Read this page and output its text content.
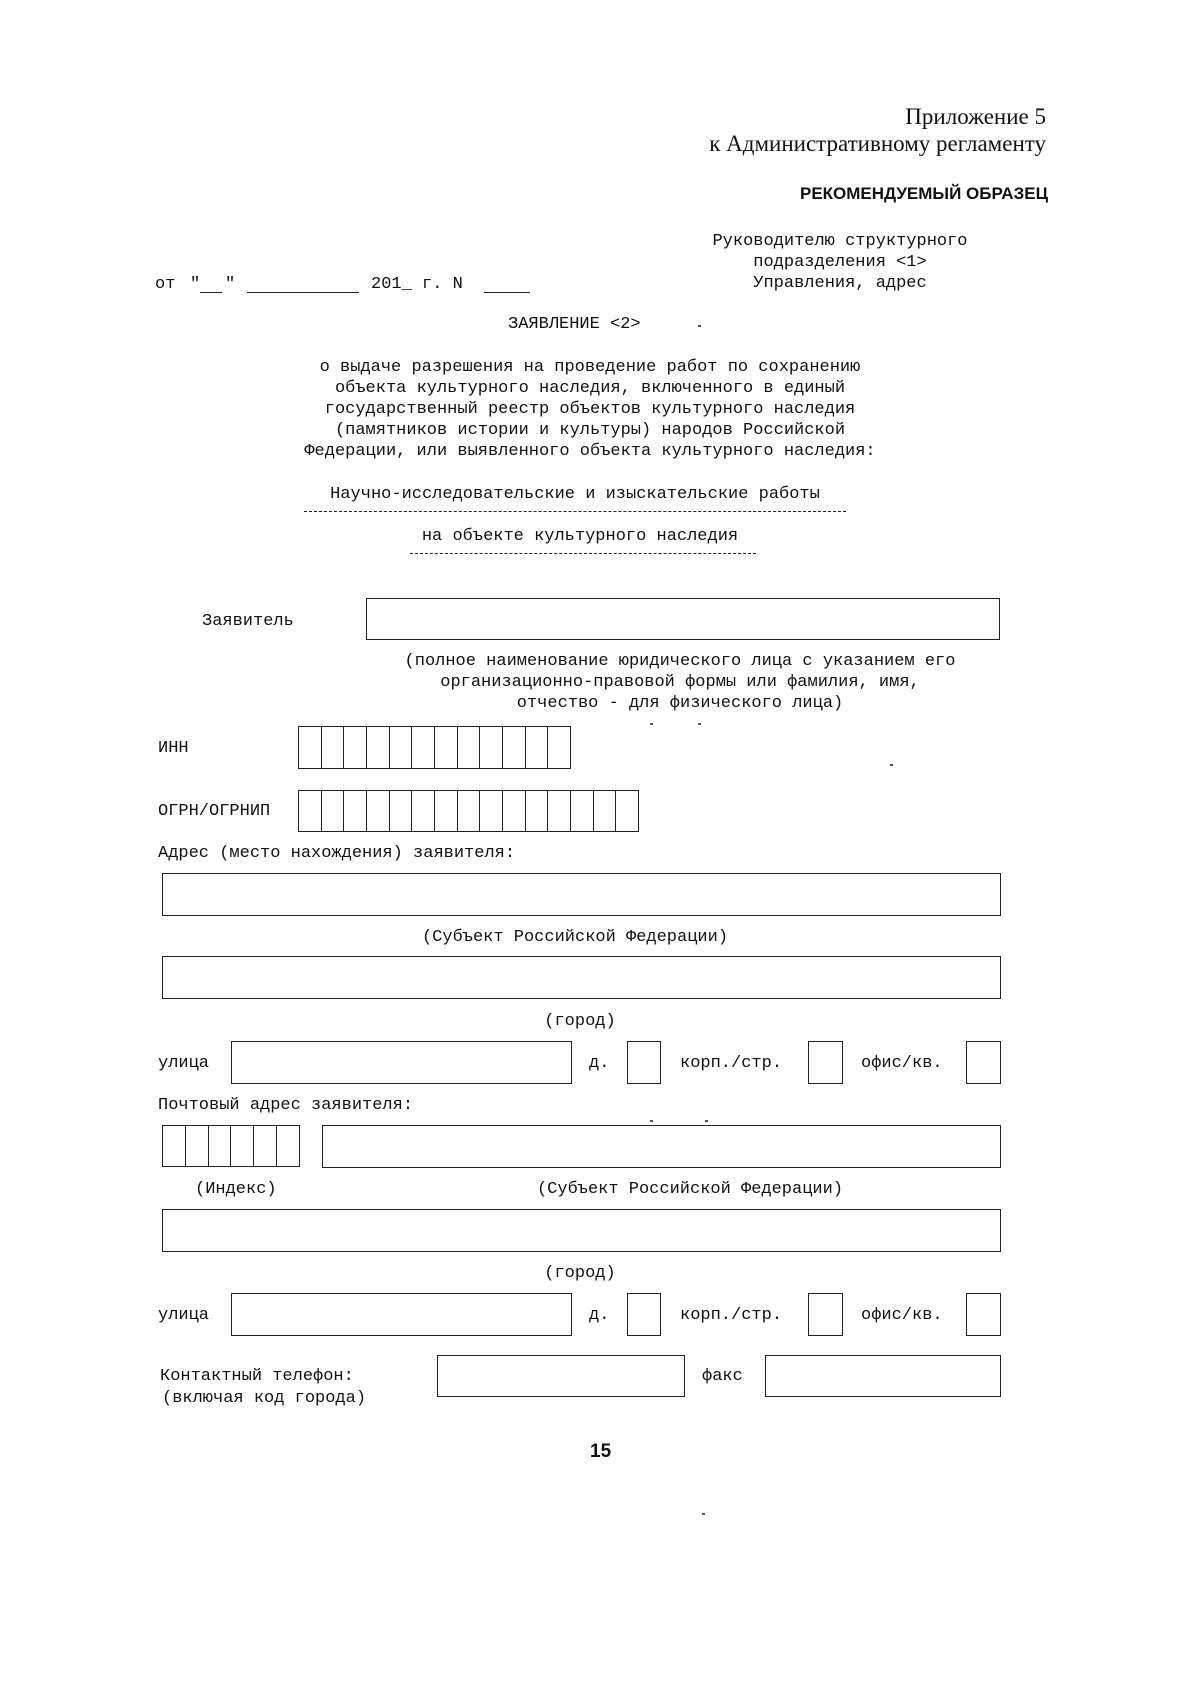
Приложение 5
к Административному регламенту
РЕКОМЕНДУЕМЫЙ ОБРАЗЕЦ
Руководителю структурного
подразделения <1>
Управления, адрес
от " "	201_ г. N
ЗАЯВЛЕНИЕ <2>
о выдаче разрешения на проведение работ по сохранению
объекта культурного наследия, включенного в единый
государственный реестр объектов культурного наследия
(памятников истории и культуры) народов Российской
Федерации, или выявленного объекта культурного наследия:
Научно-исследовательские и изыскательские работы
на объекте культурного наследия
Заявитель
(полное наименование юридического лица с указанием его
организационно-правовой формы или фамилия, имя,
отчество - для физического лица)
ИНН
ОГРН/ОГРНИП
Адрес (место нахождения) заявителя:
(Субъект Российской Федерации)
(город)
улица	д.	корп./стр.	офис/кв.
Почтовый адрес заявителя:
(Индекс)	(Субъект Российской Федерации)
(город)
улица	д.	корп./стр.	офис/кв.
Контактный телефон:
(включая код города)
факс
15
